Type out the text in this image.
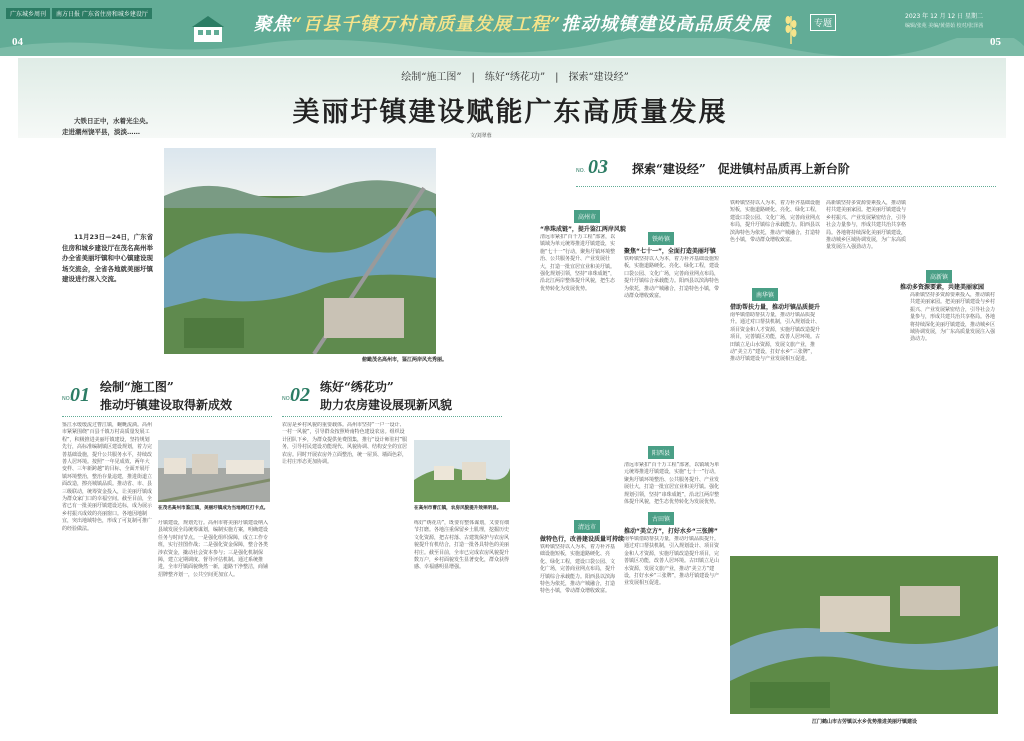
广东城乡周刊	南方日报 广东省住房和城乡建设厅
04	05
聚焦“百县千镇万村高质量发展工程”推动城镇建设高品质发展	专题
2023 年 12 月 12 日 星期二
编辑/张苑 美编/黄倩茹 校对/张泽茜
绘制“施工图”　|　练好“绣花功”　|　探索“建设经”
美丽圩镇建设赋能广东高质量发展
文/刘翠蓉
大铁日正中，水着光尘央。走进潮州饶平县，淡淡……
11月23日—24日，广东省住房和城乡建设厅在茂名高州举办全省美丽圩镇和中心镇建设现场交流会，全省各地就美丽圩镇建设进行深入交流。
俯瞰茂名高州市，鉴江两岸风光秀丽。
NO.
01 绘制“施工图”
推动圩镇建设取得新成效
鉴江水缓缓流过曹江镇，蜿蜒流淌。高州市紧紧围绕“百县千镇万村高质量发展工程”，积极推进美丽圩镇建设，坚持规划先行，高标准编制镇区建设规划，着力完善基础设施，提升公共服务水平，持续改善人居环境。按照“一年见成效、两年大变样、三年新跨越”的目标，全面开展圩镇环境整治，整治存量违建，推进街道立面改造，擦亮城镇品质。推动省、市、县三级联动，统筹资金投入，让美丽圩镇成为群众家门口的幸福空间。截至目前，全省已有一批美丽圩镇建设达标，成为展示乡村振兴成效的亮丽窗口。各地因地制宜，突出地域特色，形成了可复制可推广的经验做法。
在茂名高州市鉴江镇，美丽圩镇成为当地网红打卡点。
圩镇建设，规划先行。高州市将美丽圩镇建设纳入县域发展全局统筹谋划，编制实施方案，明确建设任务与时间节点。一是强化组织保障，成立工作专班，实行挂图作战；二是强化资金保障，整合各类涉农资金，撬动社会资本参与；三是强化机制保障，建立定期调度、督导评估机制。通过系统推进，全市圩镇面貌焕然一新，道路干净整洁，商铺招牌整齐划一，公共空间更加宜人。
NO.
02 练好“绣花功”
助力农房建设展现新风貌
农房是乡村风貌的重要载体。高州市坚持“一户一设计、一村一风貌”，引导群众按照岭南特色建设农房。组织设计团队下乡，为群众提供免费图集，推行“设计师驻村”服务，引导村民建设功能现代、风貌协调、结构安全的宜居农房。同时开展农房外立面整治，统一屋顶、墙面色彩，让村庄形态更加协调。
在高州市曹江镇，农房风貌提升效果明显。
练好“绣花功”，既要有整体谋划，又要有细节打磨。各地注重保留乡土肌理，挖掘历史文化资源，把古村落、古建筑保护与农房风貌提升有机结合，打造一批各具特色的美丽村庄。截至目前，全市已完成农房风貌提升数万户，乡村面貌发生显著变化，群众获得感、幸福感明显增强。
NO. 03 探索“建设经”　促进镇村品质再上新台阶
高州市
“串珠成链”，提升鉴江两岸风貌
清远市紧扣“百千万工程”部署，以镇域为单元统筹推进圩镇建设，实施“七十一”行动，聚焦圩镇环境整治、公共服务提升、产业发展壮大，打造一批宜居宜业和美圩镇。强化规划引领，坚持“串珠成链”，沿北江两岸整体提升风貌，把生态优势转化为发展优势。
清远市
做特色行，改善建设质量可持续
铁岭镇坚持以人为本，着力补齐基础设施短板，实施道路硬化、亮化、绿化工程，建设口袋公园、文化广场，完善商业网点布局，提升圩镇综合承载能力。阳西县以滨海特色为依托，推动产城融合，打造特色小镇，带动群众增收致富。
铁岭镇
聚焦“七十一”，全面打造美丽圩镇
铁岭镇坚持以人为本，着力补齐基础设施短板，实施道路硬化、亮化、绿化工程，建设口袋公园、文化广场，完善商业网点布局，提升圩镇综合承载能力。阳西县以滨海特色为依托，推动产城融合，打造特色小镇，带动群众增收致富。
阳西县
清远市紧扣“百千万工程”部署，以镇域为单元统筹推进圩镇建设，实施“七十一”行动，聚焦圩镇环境整治、公共服务提升、产业发展壮大，打造一批宜居宜业和美圩镇。强化规划引领，坚持“串珠成链”，沿北江两岸整体提升风貌，把生态优势转化为发展优势。
古田镇
推动“美立方”，打好水乡“三张牌”
南华镇借助帮扶力量，推动圩镇品质提升。通过对口帮扶机制，引入规划设计、项目资金和人才资源，实施圩镇改造提升项目，完善镇区功能，改善人居环境。古田镇立足山水资源，发展文旅产业，推动“美立方”建设，打好水乡“三张牌”，推动圩镇建设与产业发展相互促进。
南华镇
借助帮扶力量，推动圩镇品质提升
铁岭镇坚持以人为本，着力补齐基础设施短板，实施道路硬化、亮化、绿化工程，建设口袋公园、文化广场，完善商业网点布局，提升圩镇综合承载能力。阳西县以滨海特色为依托，推动产城融合，打造特色小镇，带动群众增收致富。
南华镇借助帮扶力量，推动圩镇品质提升。通过对口帮扶机制，引入规划设计、项目资金和人才资源，实施圩镇改造提升项目，完善镇区功能，改善人居环境。古田镇立足山水资源，发展文旅产业，推动“美立方”建设，打好水乡“三张牌”，推动圩镇建设与产业发展相互促进。
高新镇
推动多资源要素，共建美丽家园
高新镇坚持多资源要素投入，推动镇村共建美丽家园。把美丽圩镇建设与乡村振兴、产业发展紧密结合，引导社会力量参与，形成共建共治共享格局。各地将持续深化美丽圩镇建设，推动城乡区域协调发展，为广东高质量发展注入强劲动力。
高新镇坚持多资源要素投入，推动镇村共建美丽家园。把美丽圩镇建设与乡村振兴、产业发展紧密结合，引导社会力量参与，形成共建共治共享格局。各地将持续深化美丽圩镇建设，推动城乡区域协调发展，为广东高质量发展注入强劲动力。
江门鹤山市古劳镇以水乡优势推进美丽圩镇建设
